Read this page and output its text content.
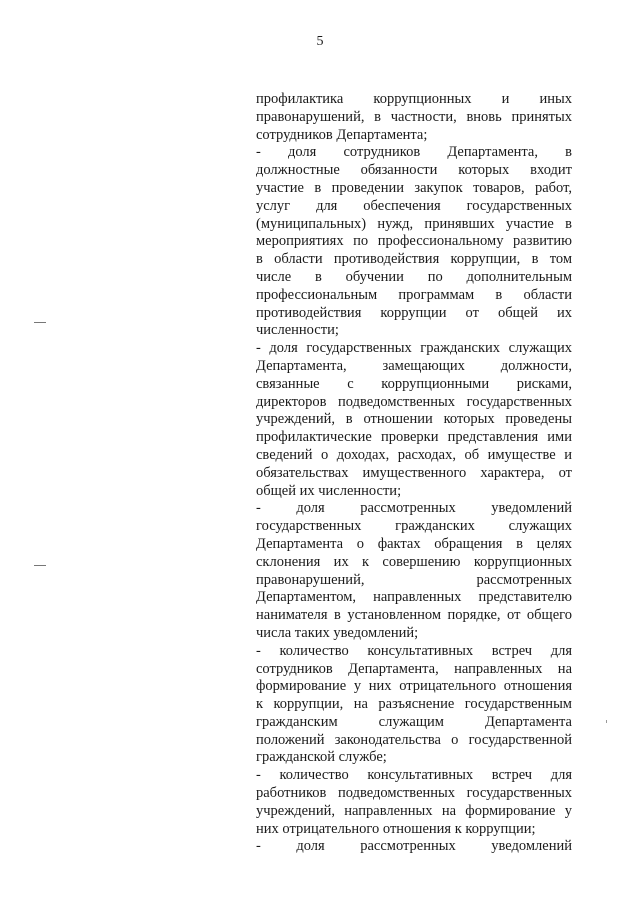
5
профилактика коррупционных и иных
правонарушений, в частности, вновь принятых
сотрудников Департамента;
- доля сотрудников Департамента, в
должностные обязанности которых входит
участие в проведении закупок товаров, работ,
услуг для обеспечения государственных
(муниципальных) нужд, принявших участие в
мероприятиях по профессиональному развитию
в области противодействия коррупции, в том
числе в обучении по дополнительным
профессиональным программам в области
противодействия коррупции от общей их
численности;
- доля государственных гражданских служащих
Департамента, замещающих должности,
связанные с коррупционными рисками,
директоров подведомственных государственных
учреждений, в отношении которых проведены
профилактические проверки представления ими
сведений о доходах, расходах, об имуществе и
обязательствах имущественного характера, от
общей их численности;
- доля рассмотренных уведомлений
государственных гражданских служащих
Департамента о фактах обращения в целях
склонения их к совершению коррупционных
правонарушений, рассмотренных
Департаментом, направленных представителю
нанимателя в установленном порядке, от общего
числа таких уведомлений;
- количество консультативных встреч для
сотрудников Департамента, направленных на
формирование у них отрицательного отношения
к коррупции, на разъяснение государственным
гражданским служащим Департамента
положений законодательства о государственной
гражданской службе;
- количество консультативных встреч для
работников подведомственных государственных
учреждений, направленных на формирование у
них отрицательного отношения к коррупции;
- доля рассмотренных уведомлений
